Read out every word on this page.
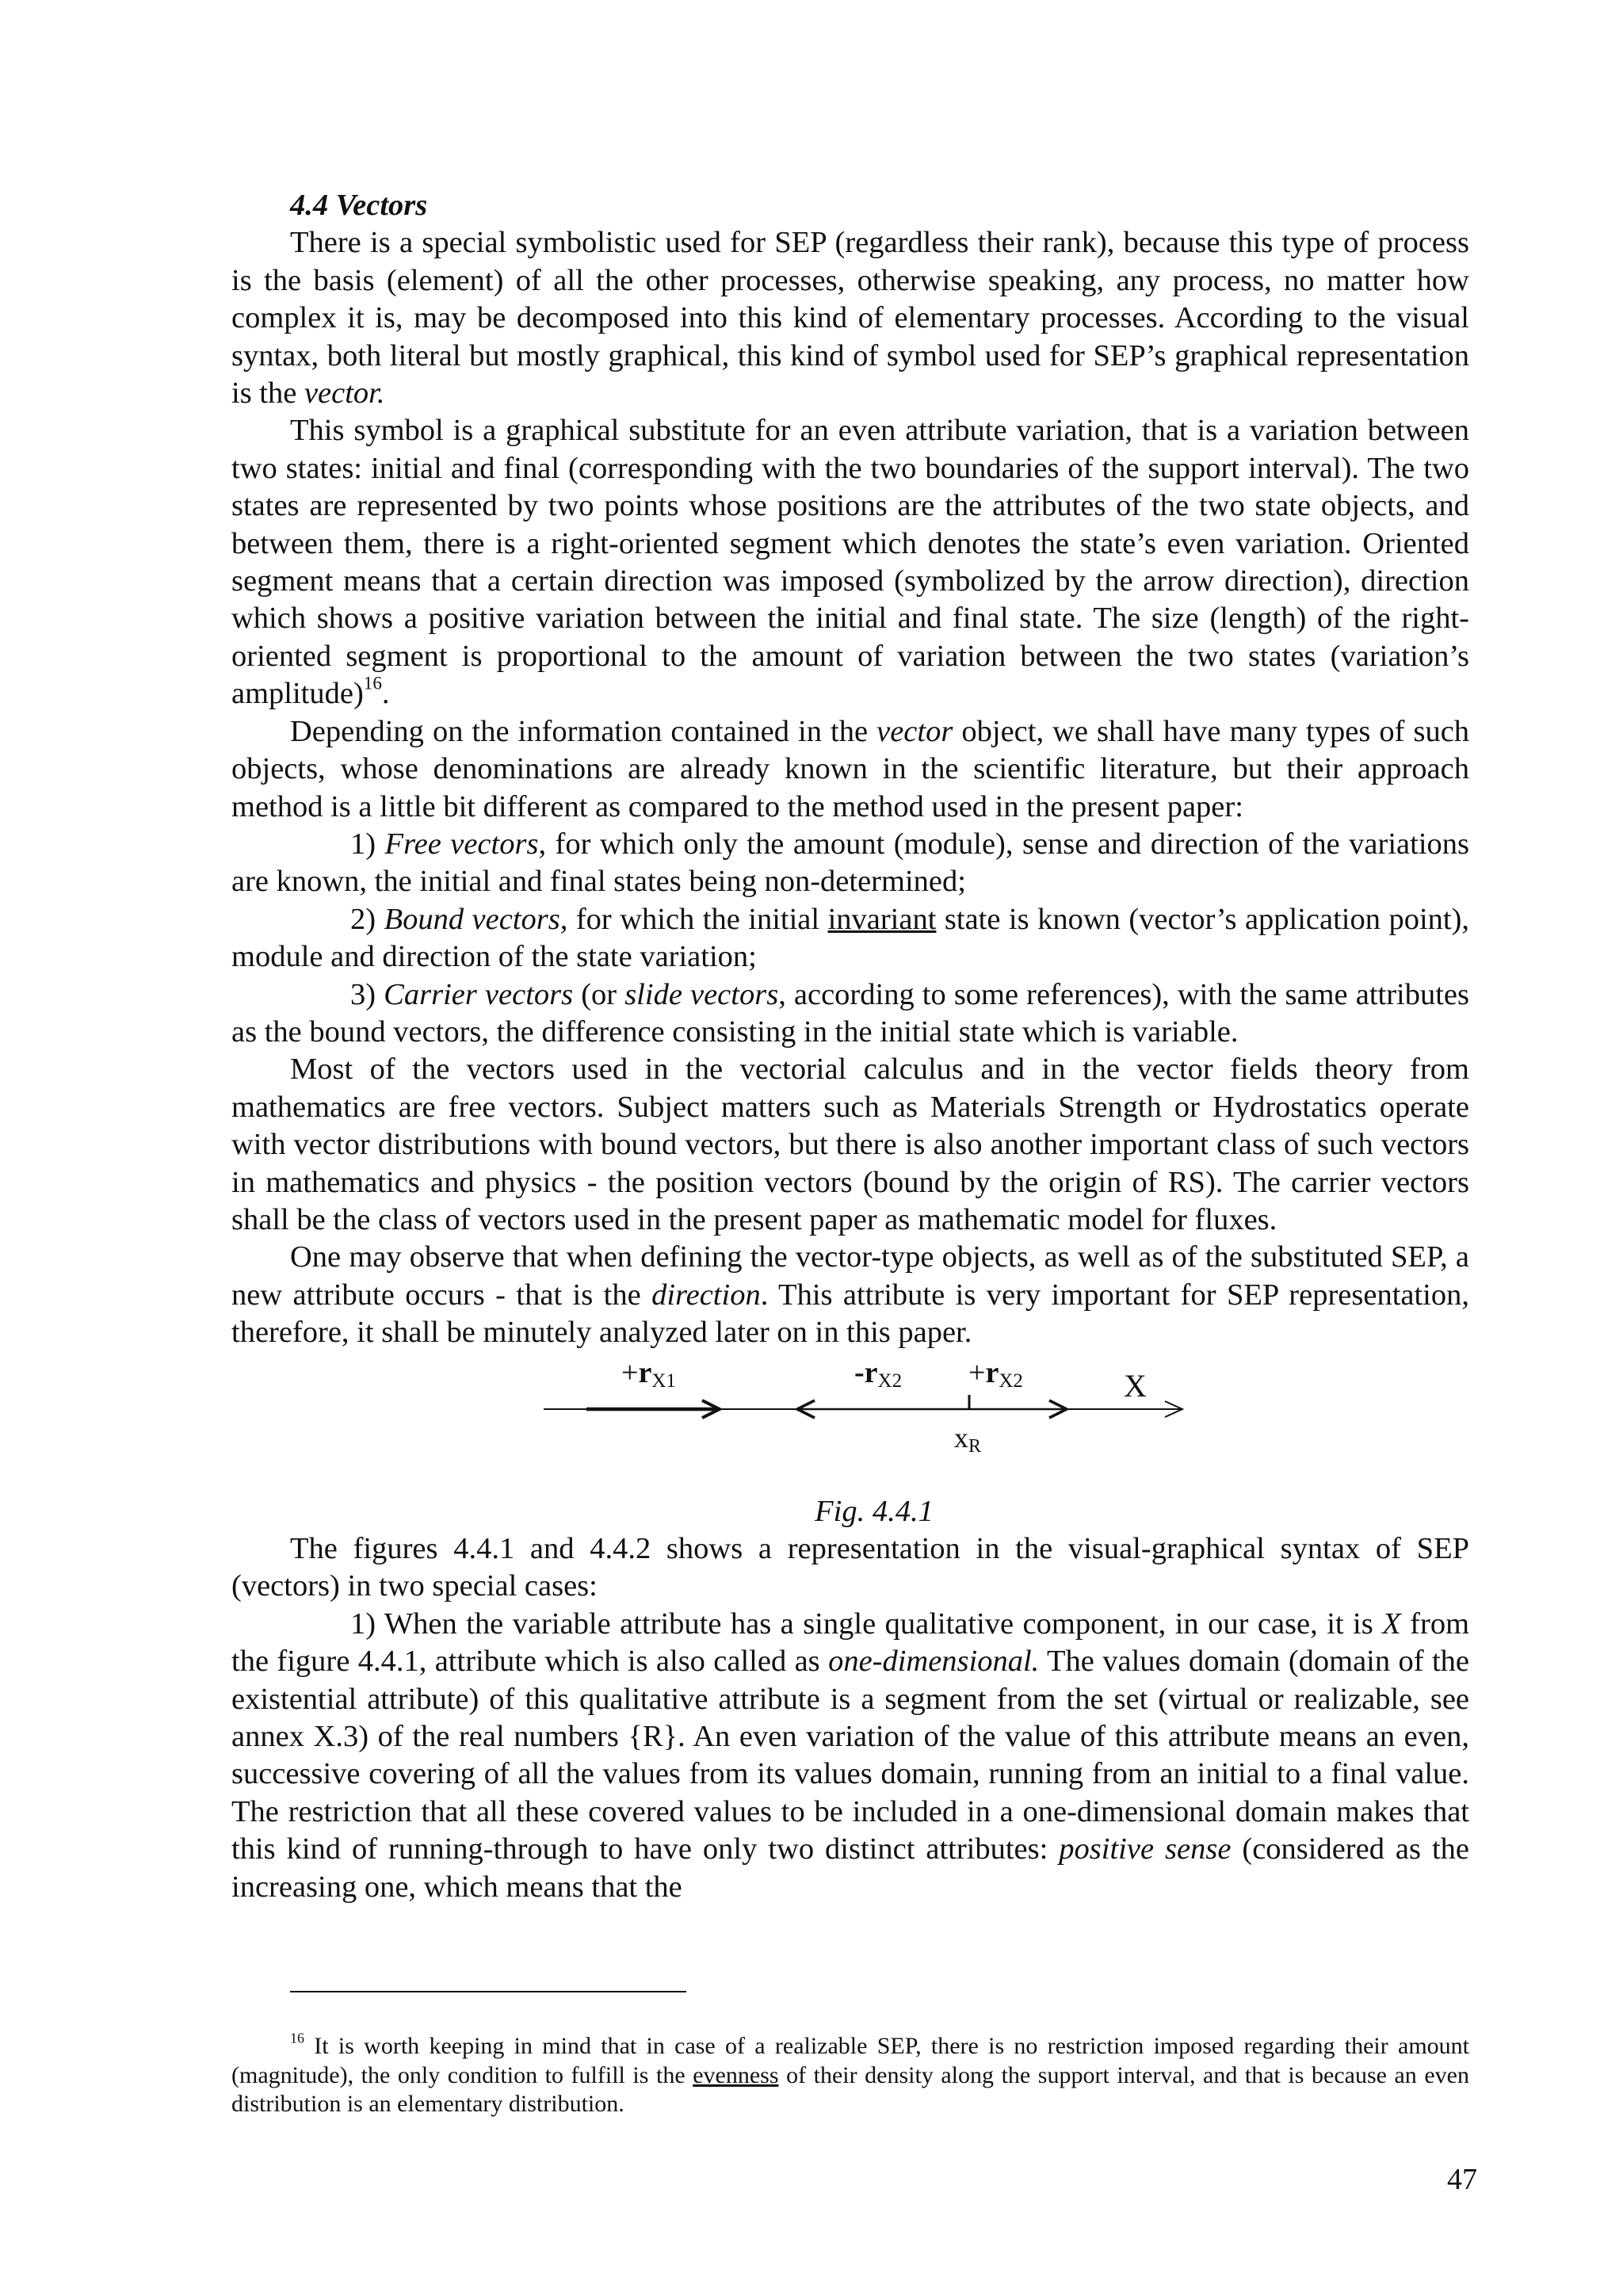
4.4 Vectors

There is a special symbolistic used for SEP (regardless their rank), because this type of process is the basis (element) of all the other processes, otherwise speaking, any process, no matter how complex it is, may be decomposed into this kind of elementary processes. According to the visual syntax, both literal but mostly graphical, this kind of symbol used for SEP’s graphical representation is the vector.

This symbol is a graphical substitute for an even attribute variation, that is a variation between two states: initial and final (corresponding with the two boundaries of the support interval). The two states are represented by two points whose positions are the attributes of the two state objects, and between them, there is a right-oriented segment which denotes the state’s even variation. Oriented segment means that a certain direction was imposed (symbolized by the arrow direction), direction which shows a positive variation between the initial and final state. The size (length) of the right-oriented segment is proportional to the amount of variation between the two states (variation’s amplitude)$^{16}$.

Depending on the information contained in the vector object, we shall have many types of such objects, whose denominations are already known in the scientific literature, but their approach method is a little bit different as compared to the method used in the present paper:

1) Free vectors, for which only the amount (module), sense and direction of the variations are known, the initial and final states being non-determined;

2) Bound vectors, for which the initial invariant state is known (vector’s application point), module and direction of the state variation;

3) Carrier vectors (or slide vectors, according to some references), with the same attributes as the bound vectors, the difference consisting in the initial state which is variable.

Most of the vectors used in the vectorial calculus and in the vector fields theory from mathematics are free vectors. Subject matters such as Materials Strength or Hydrostatics operate with vector distributions with bound vectors, but there is also another important class of such vectors in mathematics and physics - the position vectors (bound by the origin of RS). The carrier vectors shall be the class of vectors used in the present paper as mathematic model for fluxes.

One may observe that when defining the vector-type objects, as well as of the substituted SEP, a new attribute occurs - that is the direction. This attribute is very important for SEP representation, therefore, it shall be minutely analyzed later on in this paper.

+rX1	-rX2
xR
+rX2	X

Fig. 4.4.1

The figures 4.4.1 and 4.4.2 shows a representation in the visual-graphical syntax of SEP (vectors) in two special cases:

1) When the variable attribute has a single qualitative component, in our case, it is X from the figure 4.4.1, attribute which is also called as one-dimensional. The values domain (domain of the existential attribute) of this qualitative attribute is a segment from the set (virtual or realizable, see annex X.3) of the real numbers {R}. An even variation of the value of this attribute means an even, successive covering of all the values from its values domain, running from an initial to a final value. The restriction that all these covered values to be included in a one-dimensional domain makes that this kind of running-through to have only two distinct attributes: positive sense (considered as the increasing one, which means that the

$^{16}$ It is worth keeping in mind that in case of a realizable SEP, there is no restriction imposed regarding their amount (magnitude), the only condition to fulfill is the evenness of their density along the support interval, and that is because an even distribution is an elementary distribution.

47
